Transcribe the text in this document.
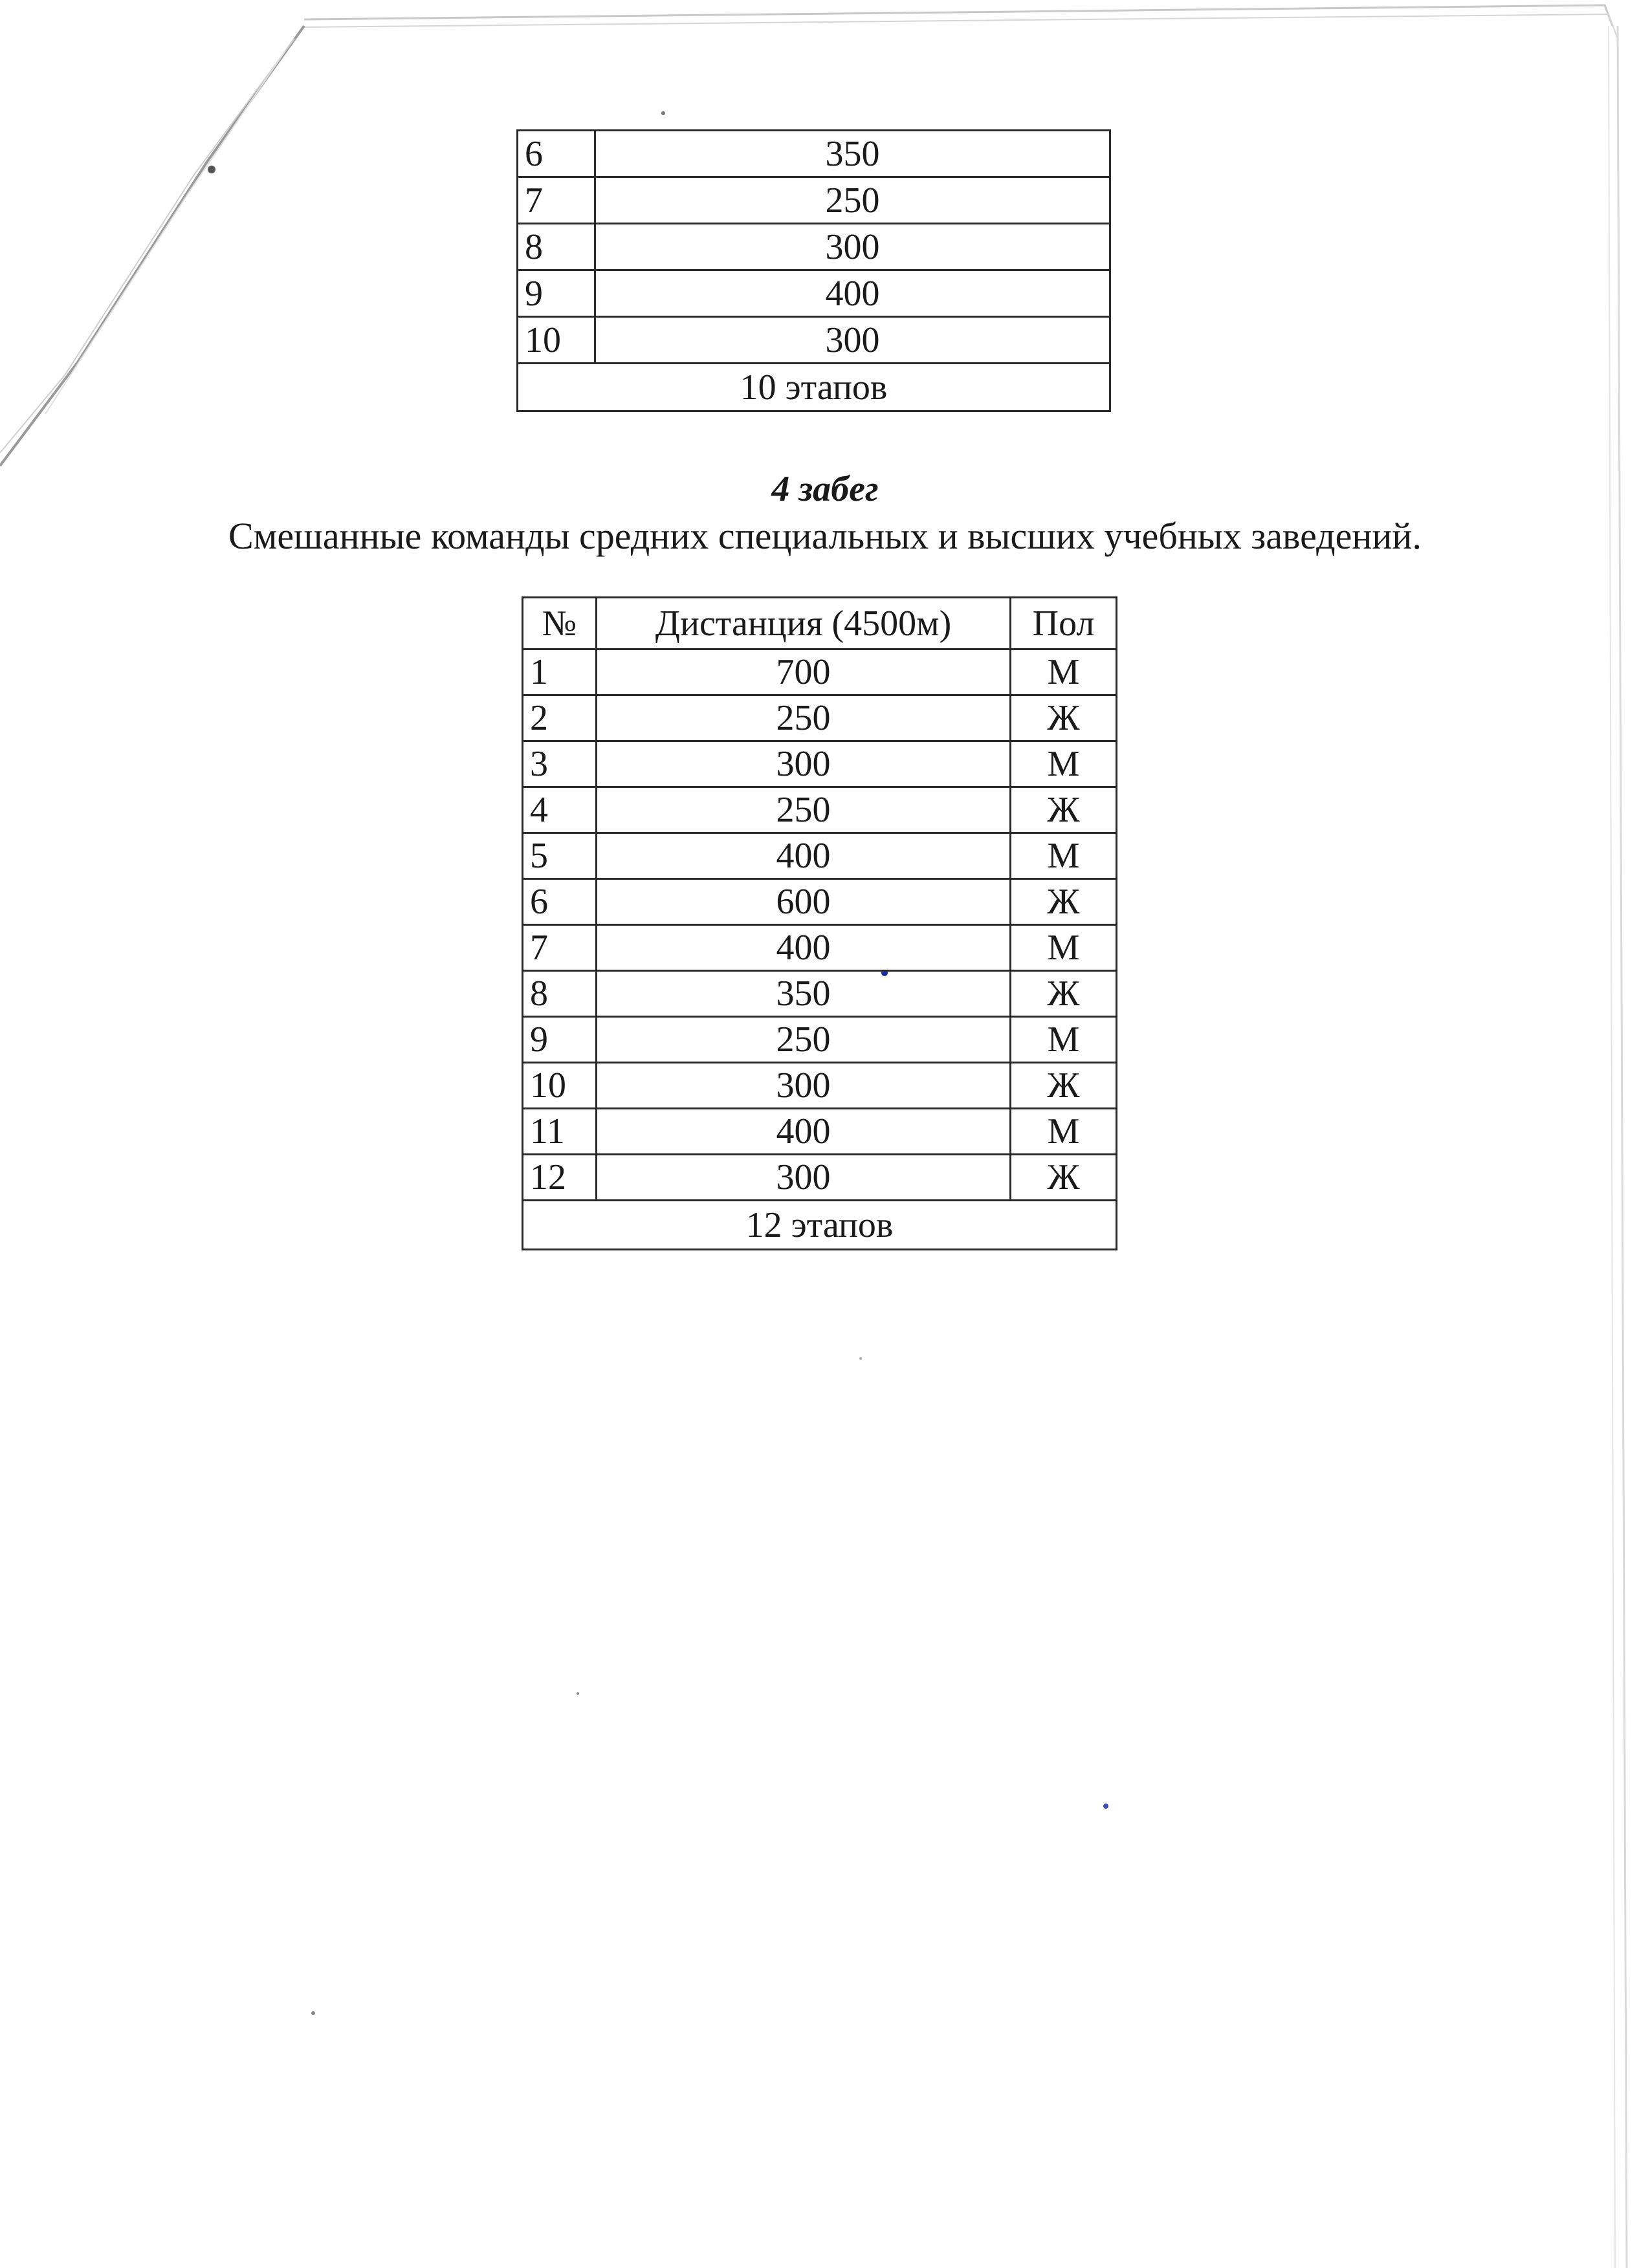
6	350
7	250
8	300
9	400
10	300
10 этапов	
4 забег
Смешанные команды средних специальных и высших учебных заведений.
№	Дистанция (4500м)	Пол
1	700	М
2	250	Ж
3	300	М
4	250	Ж
5	400	М
6	600	Ж
7	400	М
8	350	Ж
9	250	М
10	300	Ж
11	400	М
12	300	Ж
12 этапов		
